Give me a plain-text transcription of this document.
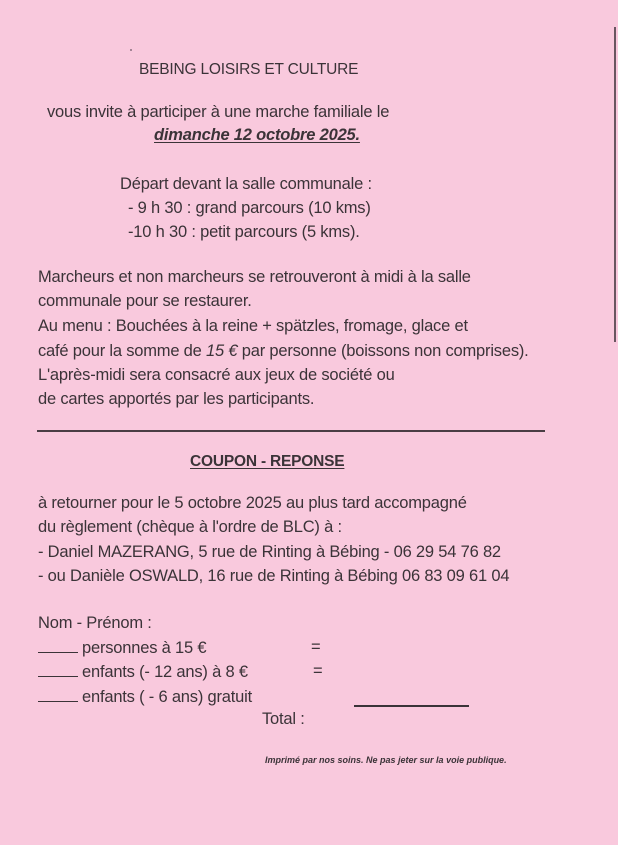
BEBING LOISIRS ET CULTURE
vous invite à participer à une marche familiale le
dimanche 12 octobre 2025.
Départ devant la salle communale :
- 9 h 30 : grand parcours (10 kms)
-10 h 30 : petit parcours (5 kms).
Marcheurs et non marcheurs se retrouveront à midi à la salle
communale pour se restaurer.
Au menu : Bouchées à la reine + spätzles, fromage, glace et
café pour la somme de 15 € par personne (boissons non comprises).
L'après-midi sera consacré aux jeux de société ou
de cartes apportés par les participants.
COUPON - REPONSE
à retourner pour le 5 octobre 2025 au plus tard accompagné
du règlement (chèque à l'ordre de BLC) à :
- Daniel MAZERANG, 5 rue de Rinting à Bébing - 06 29 54 76 82
- ou Danièle OSWALD, 16 rue de Rinting à Bébing 06 83 09 61 04
Nom - Prénom :
personnes à 15 €	=
enfants (- 12 ans) à 8 €	=
enfants ( - 6 ans) gratuit
Total :
Imprimé par nos soins. Ne pas jeter sur la voie publique.
